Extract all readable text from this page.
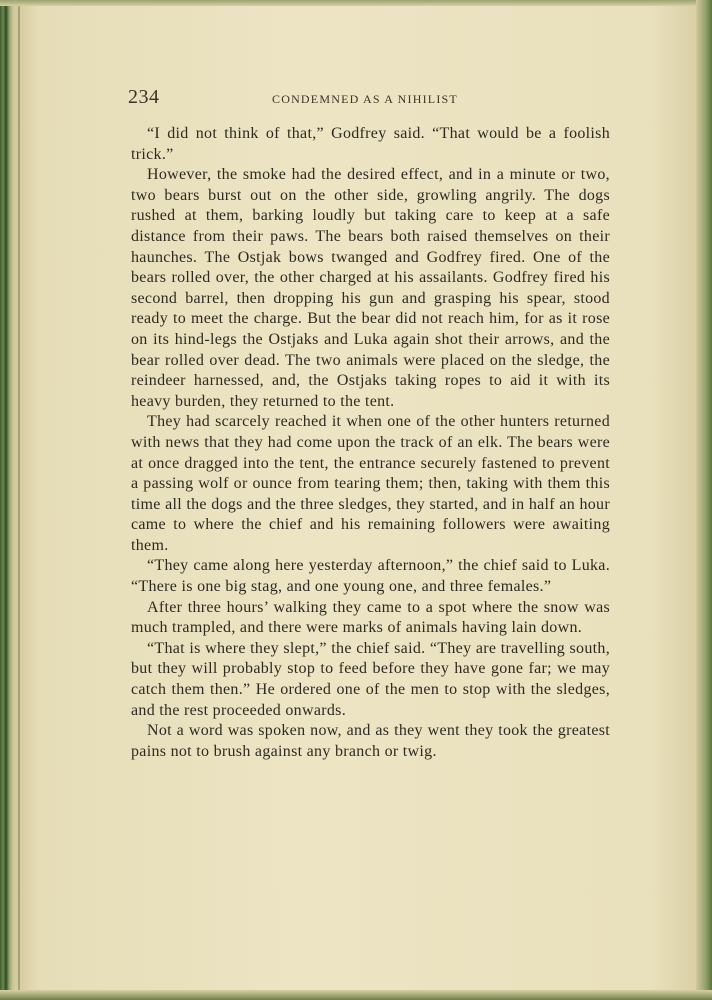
234	CONDEMNED AS A NIHILIST

“I did not think of that,” Godfrey said. “That would be a foolish trick.”

However, the smoke had the desired effect, and in a minute or two, two bears burst out on the other side, growling angrily. The dogs rushed at them, barking loudly but taking care to keep at a safe distance from their paws. The bears both raised themselves on their haunches. The Ostjak bows twanged and Godfrey fired. One of the bears rolled over, the other charged at his assailants. Godfrey fired his second barrel, then dropping his gun and grasping his spear, stood ready to meet the charge. But the bear did not reach him, for as it rose on its hind-legs the Ostjaks and Luka again shot their arrows, and the bear rolled over dead. The two animals were placed on the sledge, the reindeer harnessed, and, the Ostjaks taking ropes to aid it with its heavy burden, they returned to the tent.

They had scarcely reached it when one of the other hunters returned with news that they had come upon the track of an elk. The bears were at once dragged into the tent, the entrance securely fastened to prevent a passing wolf or ounce from tearing them; then, taking with them this time all the dogs and the three sledges, they started, and in half an hour came to where the chief and his remaining followers were awaiting them.

“They came along here yesterday afternoon,” the chief said to Luka. “There is one big stag, and one young one, and three females.”

After three hours’ walking they came to a spot where the snow was much trampled, and there were marks of animals having lain down.

“That is where they slept,” the chief said. “They are travelling south, but they will probably stop to feed before they have gone far; we may catch them then.” He ordered one of the men to stop with the sledges, and the rest proceeded onwards.

Not a word was spoken now, and as they went they took the greatest pains not to brush against any branch or twig.
